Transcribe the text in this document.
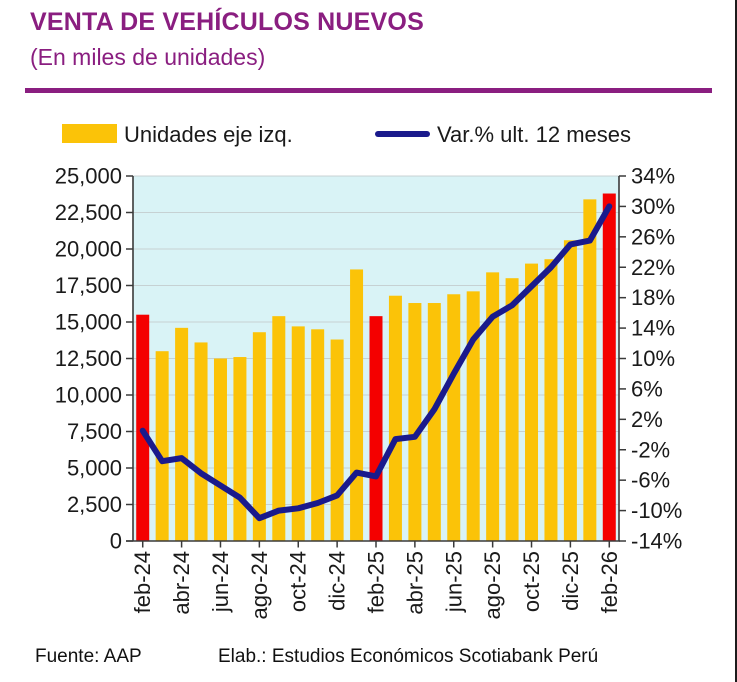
VENTA DE VEHÍCULOS NUEVOS
(En miles de unidades)
Unidades eje izq.	Var.% ult. 12 meses
25,000
22,500
20,000
17,500
15,000
12,500
10,000
7,500
5,000
2,500
0
34%
30%
26%
22%
18%
14%
10%
6%
2%
-2%
-6%
-10%
-14%
feb-24 abr-24 jun-24 ago-24 oct-24 dic-24 feb-25 abr-25 jun-25 ago-25 oct-25 dic-25 feb-26
Fuente: AAP	Elab.: Estudios Económicos Scotiabank Perú
